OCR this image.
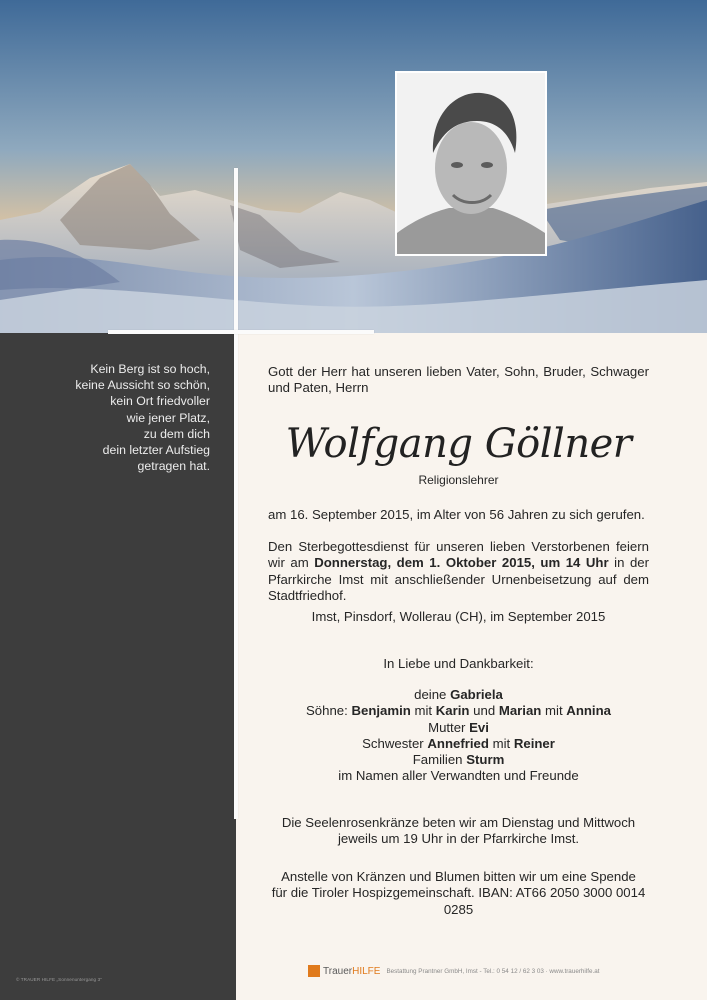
Kein Berg ist so hoch,
keine Aussicht so schön,
kein Ort friedvoller
wie jener Platz,
zu dem dich
dein letzter Aufstieg
getragen hat.
© TRAUER HILFE „Sonnenuntergang 3“
Gott der Herr hat unseren lieben Vater, Sohn, Bruder, Schwager und Paten, Herrn
Wolfgang Göllner
Religionslehrer
am 16. September 2015, im Alter von 56 Jahren zu sich gerufen.
Den Sterbegottesdienst für unseren lieben Verstorbenen feiern wir am Donnerstag, dem 1. Oktober 2015, um 14 Uhr in der Pfarrkirche Imst mit anschließender Urnenbeisetzung auf dem Stadtfriedhof.
Imst, Pinsdorf, Wollerau (CH), im September 2015
In Liebe und Dankbarkeit:
deine Gabriela
Söhne: Benjamin mit Karin und Marian mit Annina
Mutter Evi
Schwester Annefried mit Reiner
Familien Sturm
im Namen aller Verwandten und Freunde
Die Seelenrosenkränze beten wir am Dienstag und Mittwoch jeweils um 19 Uhr in der Pfarrkirche Imst.
Anstelle von Kränzen und Blumen bitten wir um eine Spende
für die Tiroler Hospizgemeinschaft. IBAN: AT66 2050 3000 0014 0285
Trauer HILFE Bestattung Prantner GmbH, Imst - Tel.: 0 54 12 / 62 3 03 · www.trauerhilfe.at
